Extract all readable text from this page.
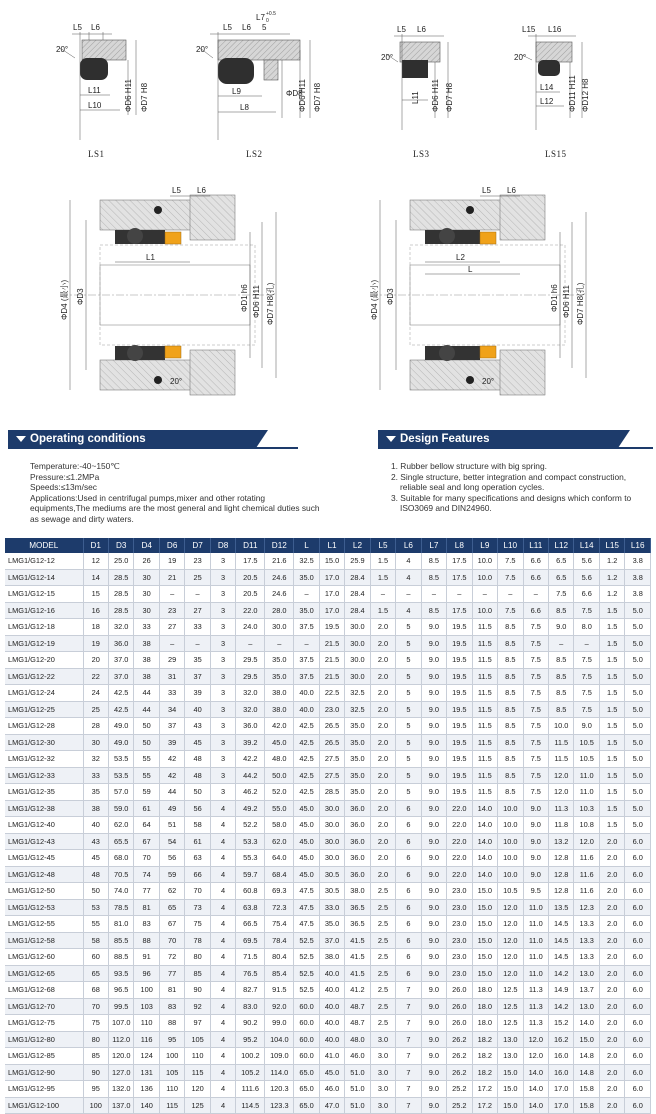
L5 L6
20°
L11
L10	ΦD6 H11 ΦD7 H8
LS1
L7 +0.5
0
L5 L6 5
20°
L9
L8
ΦD8
ΦD6 H11 ΦD7 H8
LS2
L5 L6
20°
L11 ΦD6 H11 ΦD7 H8
LS3
L15 L16
20°
L14
L12 ΦD11 H11 ΦD12 H8
LS15
L5 L6
L1
ΦD4 (最小) ΦD3	ΦD1 h6 ΦD6 H11 ΦD7 H8(孔)
20°
L5 L6
L2
L
ΦD4 (最小) ΦD3	ΦD1 h6 ΦD6 H11 ΦD7 H8(孔)
20°
Operating conditions
Temperature:-40~150℃
Pressure:≤1.2MPa
Speeds:≤13m/sec
Applications:Used in centrifugal pumps,mixer and other rotating equipments,The mediums are the most general and light chemical duties such as sewage and dirty waters.
Design Features
1. Rubber bellow structure with big spring.
2. Single structure, better integration and compact construction, reliable seal and long operation cycles.
3. Suitable for many specifications and designs which conform to ISO3069 and DIN24960.
MODEL	D1	D3	D4	D6	D7	D8	D11	D12	L	L1	L2	L5	L6	L7	L8	L9	L10	L11	L12	L14	L15	L16
LMG1/G12-12	12	25.0	26	19	23	3	17.5	21.6	32.5	15.0	25.9	1.5	4	8.5	17.5	10.0	7.5	6.6	6.5	5.6	1.2	3.8
LMG1/G12-14	14	28.5	30	21	25	3	20.5	24.6	35.0	17.0	28.4	1.5	4	8.5	17.5	10.0	7.5	6.6	6.5	5.6	1.2	3.8
LMG1/G12-15	15	28.5	30	–	–	3	20.5	24.6	–	17.0	28.4	–	–	–	–	–	–	–	7.5	6.6	1.2	3.8
LMG1/G12-16	16	28.5	30	23	27	3	22.0	28.0	35.0	17.0	28.4	1.5	4	8.5	17.5	10.0	7.5	6.6	8.5	7.5	1.5	5.0
LMG1/G12-18	18	32.0	33	27	33	3	24.0	30.0	37.5	19.5	30.0	2.0	5	9.0	19.5	11.5	8.5	7.5	9.0	8.0	1.5	5.0
LMG1/G12-19	19	36.0	38	–	–	3	–	–	–	21.5	30.0	2.0	5	9.0	19.5	11.5	8.5	7.5	–	–	1.5	5.0
LMG1/G12-20	20	37.0	38	29	35	3	29.5	35.0	37.5	21.5	30.0	2.0	5	9.0	19.5	11.5	8.5	7.5	8.5	7.5	1.5	5.0
LMG1/G12-22	22	37.0	38	31	37	3	29.5	35.0	37.5	21.5	30.0	2.0	5	9.0	19.5	11.5	8.5	7.5	8.5	7.5	1.5	5.0
LMG1/G12-24	24	42.5	44	33	39	3	32.0	38.0	40.0	22.5	32.5	2.0	5	9.0	19.5	11.5	8.5	7.5	8.5	7.5	1.5	5.0
LMG1/G12-25	25	42.5	44	34	40	3	32.0	38.0	40.0	23.0	32.5	2.0	5	9.0	19.5	11.5	8.5	7.5	8.5	7.5	1.5	5.0
LMG1/G12-28	28	49.0	50	37	43	3	36.0	42.0	42.5	26.5	35.0	2.0	5	9.0	19.5	11.5	8.5	7.5	10.0	9.0	1.5	5.0
LMG1/G12-30	30	49.0	50	39	45	3	39.2	45.0	42.5	26.5	35.0	2.0	5	9.0	19.5	11.5	8.5	7.5	11.5	10.5	1.5	5.0
LMG1/G12-32	32	53.5	55	42	48	3	42.2	48.0	42.5	27.5	35.0	2.0	5	9.0	19.5	11.5	8.5	7.5	11.5	10.5	1.5	5.0
LMG1/G12-33	33	53.5	55	42	48	3	44.2	50.0	42.5	27.5	35.0	2.0	5	9.0	19.5	11.5	8.5	7.5	12.0	11.0	1.5	5.0
LMG1/G12-35	35	57.0	59	44	50	3	46.2	52.0	42.5	28.5	35.0	2.0	5	9.0	19.5	11.5	8.5	7.5	12.0	11.0	1.5	5.0
LMG1/G12-38	38	59.0	61	49	56	4	49.2	55.0	45.0	30.0	36.0	2.0	6	9.0	22.0	14.0	10.0	9.0	11.3	10.3	1.5	5.0
LMG1/G12-40	40	62.0	64	51	58	4	52.2	58.0	45.0	30.0	36.0	2.0	6	9.0	22.0	14.0	10.0	9.0	11.8	10.8	1.5	5.0
LMG1/G12-43	43	65.5	67	54	61	4	53.3	62.0	45.0	30.0	36.0	2.0	6	9.0	22.0	14.0	10.0	9.0	13.2	12.0	2.0	6.0
LMG1/G12-45	45	68.0	70	56	63	4	55.3	64.0	45.0	30.0	36.0	2.0	6	9.0	22.0	14.0	10.0	9.0	12.8	11.6	2.0	6.0
LMG1/G12-48	48	70.5	74	59	66	4	59.7	68.4	45.0	30.5	36.0	2.0	6	9.0	22.0	14.0	10.0	9.0	12.8	11.6	2.0	6.0
LMG1/G12-50	50	74.0	77	62	70	4	60.8	69.3	47.5	30.5	38.0	2.5	6	9.0	23.0	15.0	10.5	9.5	12.8	11.6	2.0	6.0
LMG1/G12-53	53	78.5	81	65	73	4	63.8	72.3	47.5	33.0	36.5	2.5	6	9.0	23.0	15.0	12.0	11.0	13.5	12.3	2.0	6.0
LMG1/G12-55	55	81.0	83	67	75	4	66.5	75.4	47.5	35.0	36.5	2.5	6	9.0	23.0	15.0	12.0	11.0	14.5	13.3	2.0	6.0
LMG1/G12-58	58	85.5	88	70	78	4	69.5	78.4	52.5	37.0	41.5	2.5	6	9.0	23.0	15.0	12.0	11.0	14.5	13.3	2.0	6.0
LMG1/G12-60	60	88.5	91	72	80	4	71.5	80.4	52.5	38.0	41.5	2.5	6	9.0	23.0	15.0	12.0	11.0	14.5	13.3	2.0	6.0
LMG1/G12-65	65	93.5	96	77	85	4	76.5	85.4	52.5	40.0	41.5	2.5	6	9.0	23.0	15.0	12.0	11.0	14.2	13.0	2.0	6.0
LMG1/G12-68	68	96.5	100	81	90	4	82.7	91.5	52.5	40.0	41.2	2.5	7	9.0	26.0	18.0	12.5	11.3	14.9	13.7	2.0	6.0
LMG1/G12-70	70	99.5	103	83	92	4	83.0	92.0	60.0	40.0	48.7	2.5	7	9.0	26.0	18.0	12.5	11.3	14.2	13.0	2.0	6.0
LMG1/G12-75	75	107.0	110	88	97	4	90.2	99.0	60.0	40.0	48.7	2.5	7	9.0	26.0	18.0	12.5	11.3	15.2	14.0	2.0	6.0
LMG1/G12-80	80	112.0	116	95	105	4	95.2	104.0	60.0	40.0	48.0	3.0	7	9.0	26.2	18.2	13.0	12.0	16.2	15.0	2.0	6.0
LMG1/G12-85	85	120.0	124	100	110	4	100.2	109.0	60.0	41.0	46.0	3.0	7	9.0	26.2	18.2	13.0	12.0	16.0	14.8	2.0	6.0
LMG1/G12-90	90	127.0	131	105	115	4	105.2	114.0	65.0	45.0	51.0	3.0	7	9.0	26.2	18.2	15.0	14.0	16.0	14.8	2.0	6.0
LMG1/G12-95	95	132.0	136	110	120	4	111.6	120.3	65.0	46.0	51.0	3.0	7	9.0	25.2	17.2	15.0	14.0	17.0	15.8	2.0	6.0
LMG1/G12-100	100	137.0	140	115	125	4	114.5	123.3	65.0	47.0	51.0	3.0	7	9.0	25.2	17.2	15.0	14.0	17.0	15.8	2.0	6.0
